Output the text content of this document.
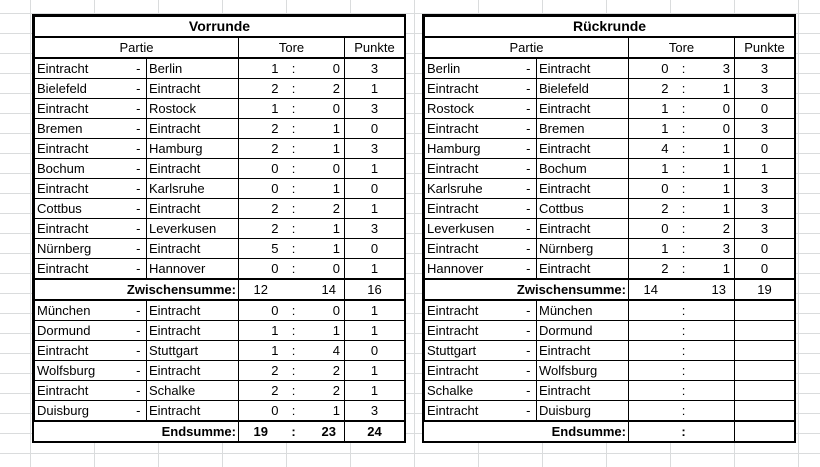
Vorrunde						
Partie			Tore			Punkte
Eintracht	-	Berlin	1	:	0	3
Bielefeld	-	Eintracht	2	:	2	1
Eintracht	-	Rostock	1	:	0	3
Bremen	-	Eintracht	2	:	1	0
Eintracht	-	Hamburg	2	:	1	3
Bochum	-	Eintracht	0	:	0	1
Eintracht	-	Karlsruhe	0	:	1	0
Cottbus	-	Eintracht	2	:	2	1
Eintracht	-	Leverkusen	2	:	1	3
Nürnberg	-	Eintracht	5	:	1	0
Eintracht	-	Hannover	0	:	0	1
Zwischensumme:			12		14	16
München	-	Eintracht	0	:	0	1
Dormund	-	Eintracht	1	:	1	1
Eintracht	-	Stuttgart	1	:	4	0
Wolfsburg	-	Eintracht	2	:	2	1
Eintracht	-	Schalke	2	:	2	1
Duisburg	-	Eintracht	0	:	1	3
		Endsumme:	19	:	23	24
Rückrunde						
Partie			Tore			Punkte
Berlin	-	Eintracht	0	:	3	3
Eintracht	-	Bielefeld	2	:	1	3
Rostock	-	Eintracht	1	:	0	0
Eintracht	-	Bremen	1	:	0	3
Hamburg	-	Eintracht	4	:	1	0
Eintracht	-	Bochum	1	:	1	1
Karlsruhe	-	Eintracht	0	:	1	3
Eintracht	-	Cottbus	2	:	1	3
Leverkusen	-	Eintracht	0	:	2	3
Eintracht	-	Nürnberg	1	:	3	0
Hannover	-	Eintracht	2	:	1	0
Zwischensumme:			14		13	19
Eintracht	-	München		:		
Eintracht	-	Dormund		:		
Stuttgart	-	Eintracht		:		
Eintracht	-	Wolfsburg		:		
Schalke	-	Eintracht		:		
Eintracht	-	Duisburg		:		
		Endsumme:		:		
